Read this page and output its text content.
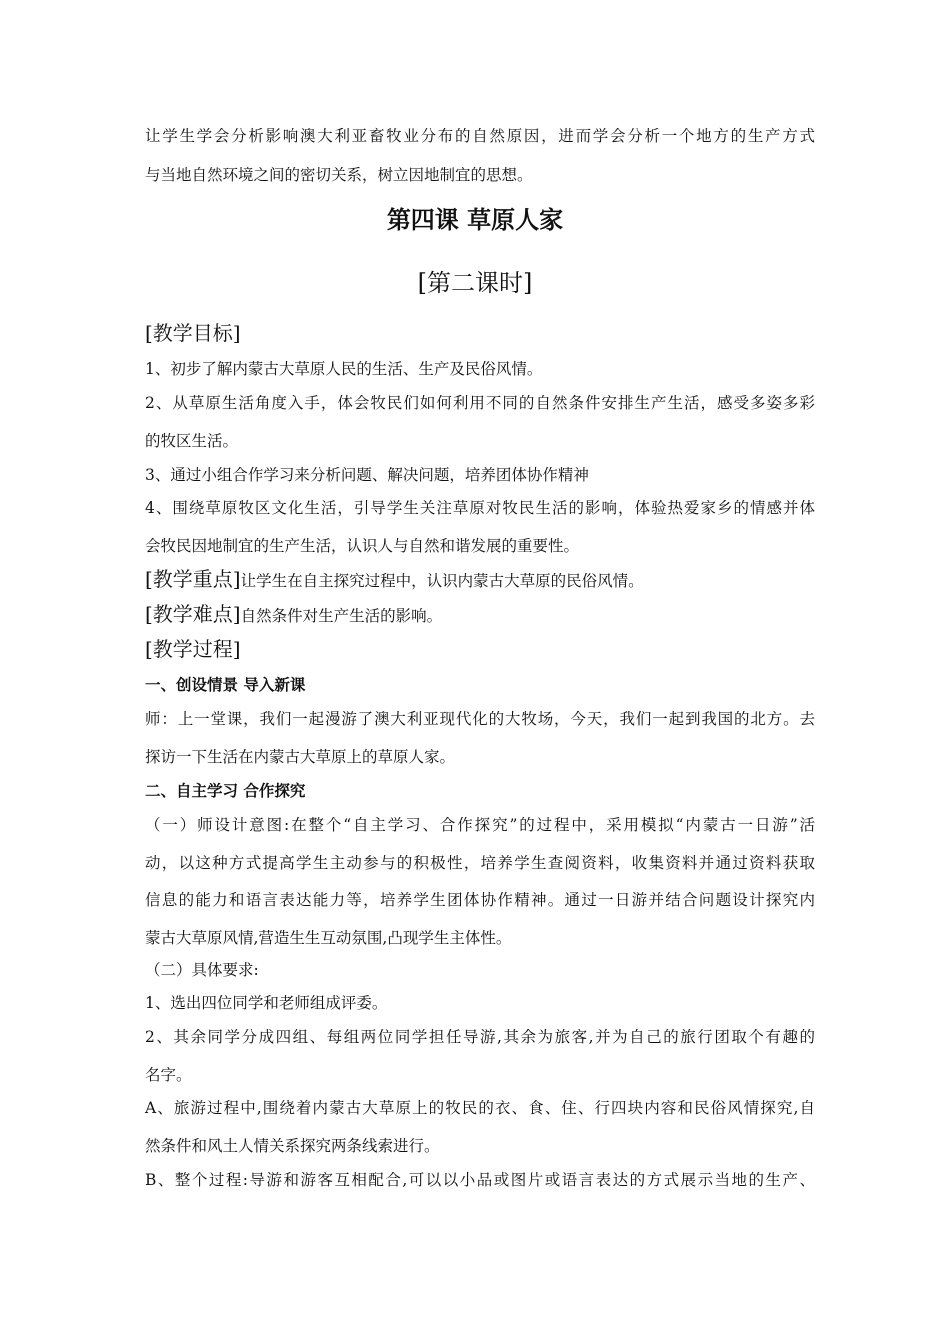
让学生学会分析影响澳大利亚畜牧业分布的自然原因，进而学会分析一个地方的生产方式
与当地自然环境之间的密切关系，树立因地制宜的思想。
第四课 草原人家
[第二课时]
[教学目标]
1、初步了解内蒙古大草原人民的生活、生产及民俗风情。
2、从草原生活角度入手，体会牧民们如何利用不同的自然条件安排生产生活，感受多姿多彩
的牧区生活。
3、通过小组合作学习来分析问题、解决问题，培养团体协作精神
4、围绕草原牧区文化生活，引导学生关注草原对牧民生活的影响，体验热爱家乡的情感并体
会牧民因地制宜的生产生活，认识人与自然和谐发展的重要性。
[教学重点]让学生在自主探究过程中，认识内蒙古大草原的民俗风情。
[教学难点]自然条件对生产生活的影响。
[教学过程]
一、创设情景 导入新课
师：上一堂课，我们一起漫游了澳大利亚现代化的大牧场，今天，我们一起到我国的北方。去
探访一下生活在内蒙古大草原上的草原人家。
二、自主学习 合作探究
（一）师设计意图:在整个“自主学习、合作探究”的过程中，采用模拟“内蒙古一日游”活
动，以这种方式提高学生主动参与的积极性，培养学生查阅资料，收集资料并通过资料获取
信息的能力和语言表达能力等，培养学生团体协作精神。通过一日游并结合问题设计探究内
蒙古大草原风情,营造生生互动氛围,凸现学生主体性。
（二）具体要求:
1、选出四位同学和老师组成评委。
2、其余同学分成四组、每组两位同学担任导游,其余为旅客,并为自己的旅行团取个有趣的
名字。
A、旅游过程中,围绕着内蒙古大草原上的牧民的衣、食、住、行四块内容和民俗风情探究,自
然条件和风土人情关系探究两条线索进行。
B、整个过程:导游和游客互相配合,可以以小品或图片或语言表达的方式展示当地的生产、
